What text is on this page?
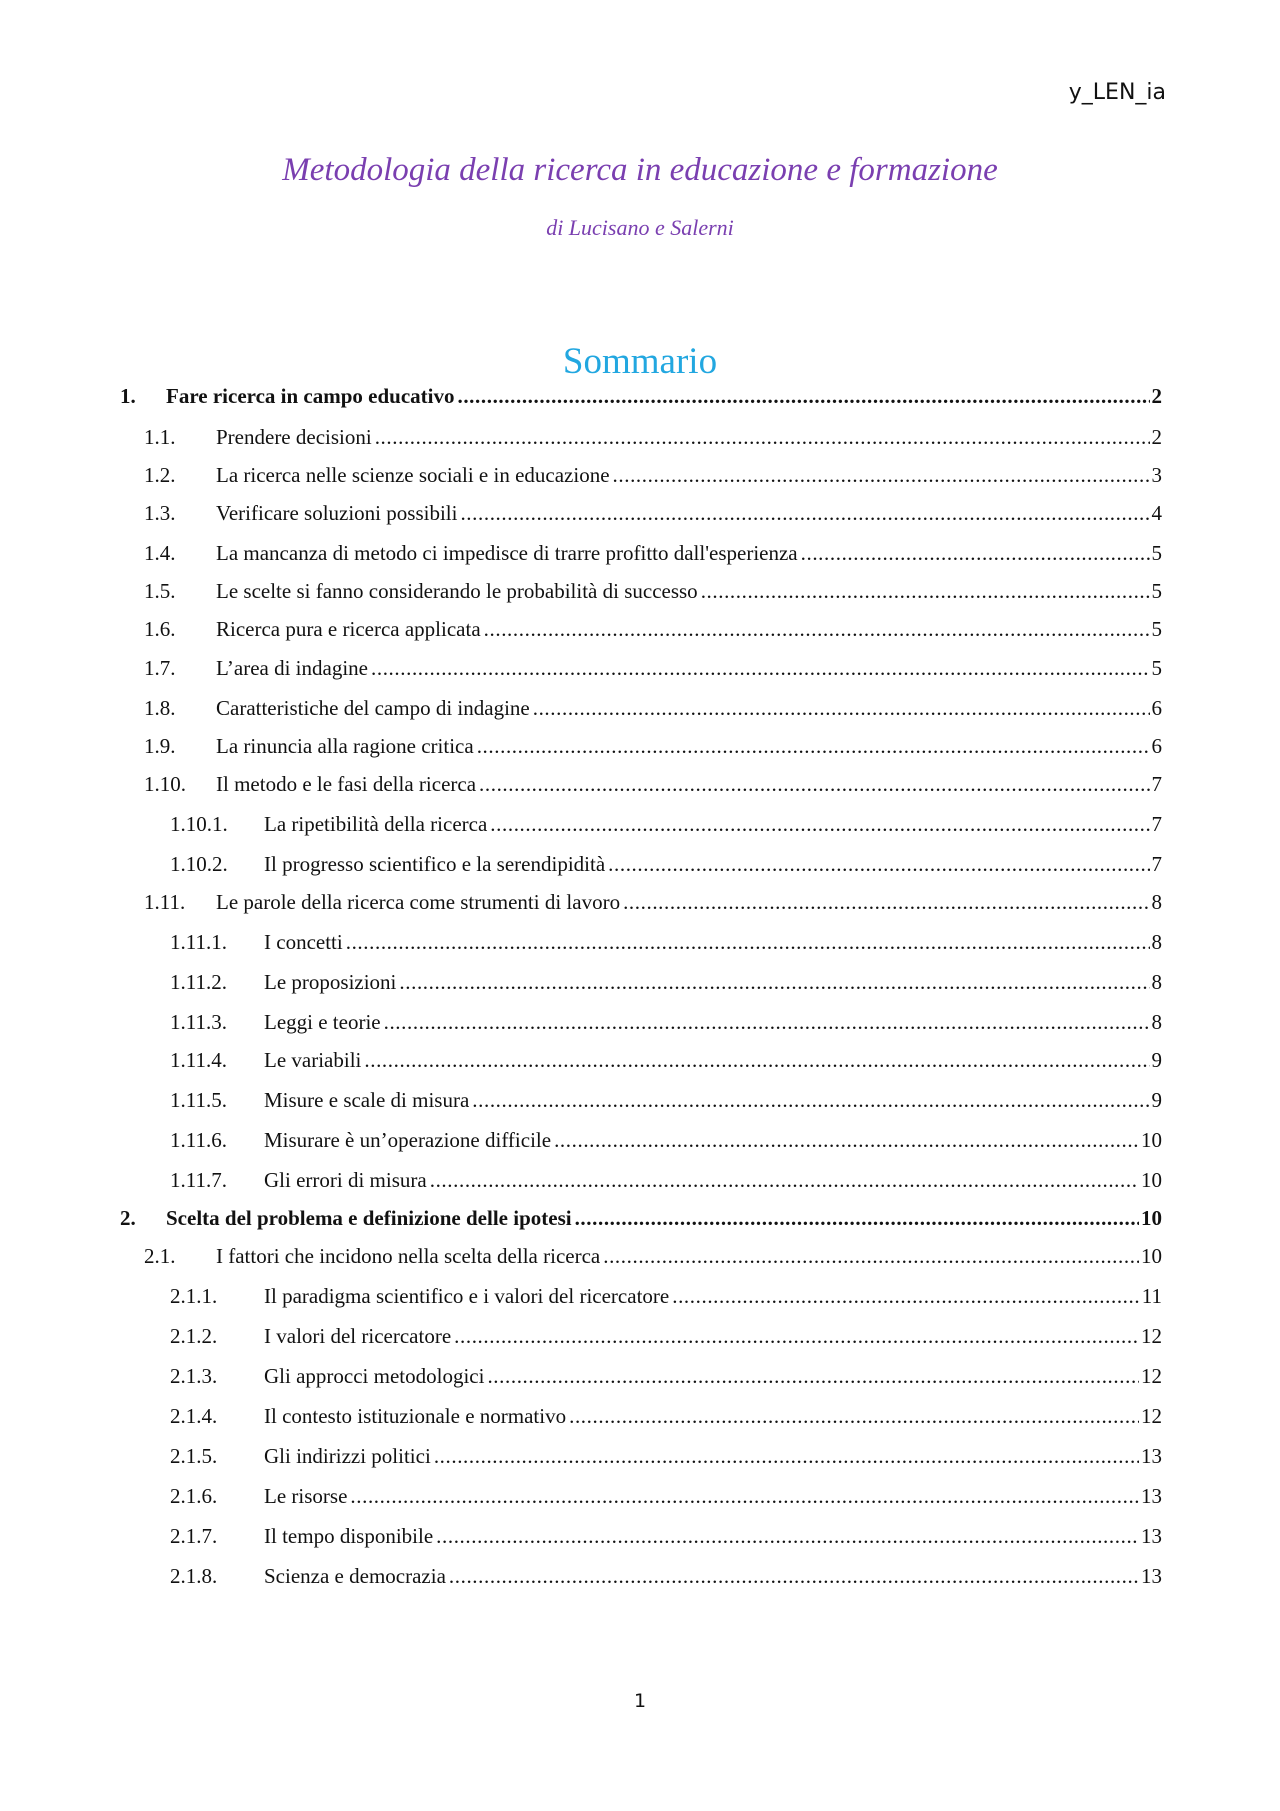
y_LEN_ia
Metodologia della ricerca in educazione e formazione
di Lucisano e Salerni
Sommario
1.	Fare ricerca in campo educativo .....	2
1.1.	Prendere decisioni .....	2
1.2.	La ricerca nelle scienze sociali e in educazione .....	3
1.3.	Verificare soluzioni possibili .....	4
1.4.	La mancanza di metodo ci impedisce di trarre profitto dall'esperienza .....	5
1.5.	Le scelte si fanno considerando le probabilità di successo .....	5
1.6.	Ricerca pura e ricerca applicata .....	5
1.7.	L’area di indagine .....	5
1.8.	Caratteristiche del campo di indagine .....	6
1.9.	La rinuncia alla ragione critica .....	6
1.10.	Il metodo e le fasi della ricerca .....	7
1.10.1.	La ripetibilità della ricerca .....	7
1.10.2.	Il progresso scientifico e la serendipidità .....	7
1.11.	Le parole della ricerca come strumenti di lavoro .....	8
1.11.1.	I concetti .....	8
1.11.2.	Le proposizioni .....	8
1.11.3.	Leggi e teorie .....	8
1.11.4.	Le variabili .....	9
1.11.5.	Misure e scale di misura .....	9
1.11.6.	Misurare è un’operazione difficile .....	10
1.11.7.	Gli errori di misura .....	10
2.	Scelta del problema e definizione delle ipotesi .....	10
2.1.	I fattori che incidono nella scelta della ricerca .....	10
2.1.1.	Il paradigma scientifico e i valori del ricercatore .....	11
2.1.2.	I valori del ricercatore .....	12
2.1.3.	Gli approcci metodologici .....	12
2.1.4.	Il contesto istituzionale e normativo .....	12
2.1.5.	Gli indirizzi politici .....	13
2.1.6.	Le risorse .....	13
2.1.7.	Il tempo disponibile .....	13
2.1.8.	Scienza e democrazia .....	13
1
